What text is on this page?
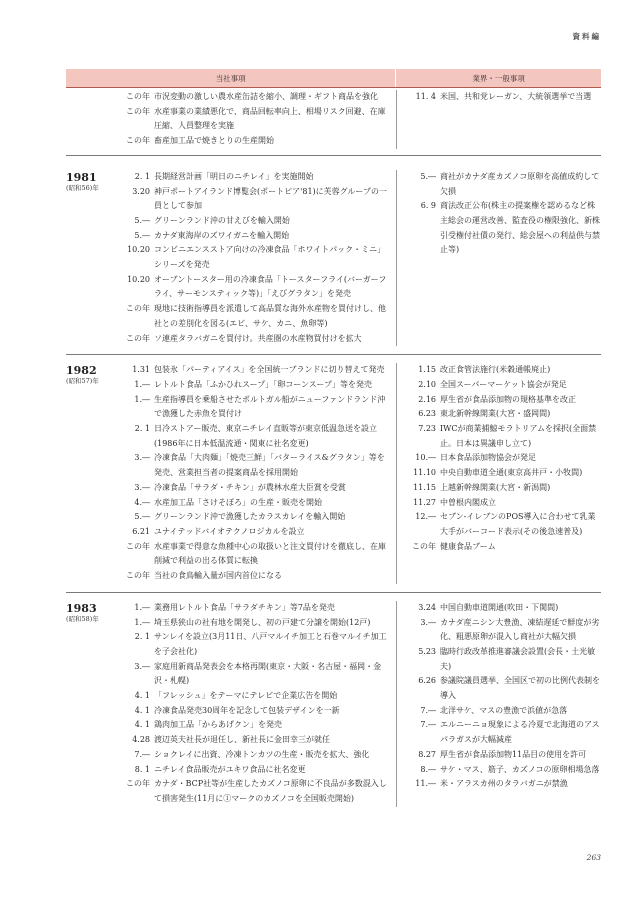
資料編
当社事項	業界・一般事項
この年 市況変動の激しい農水産缶詰を縮小、調理・ギフト商品を強化
この年 水産事業の業績悪化で、商品回転率向上、相場リスク回避、在庫圧縮、人員整理を実施
この年 畜産加工品で焼きとりの生産開始
11. 4 米国、共和党レーガン、大統領選挙で当選
1981
(昭和56)年
2. 1 長期経営計画「明日のニチレイ」を実施開始
3.20 神戸ポートアイランド博覧会(ポートピア'81)に芙蓉グループの一員として参加
5.― グリーンランド沖の甘えびを輸入開始
5.― カナダ東海岸のズワイガニを輸入開始
10.20 コンビニエンスストア向けの冷凍食品「ホワイトパック・ミニ」シリーズを発売
10.20 オーブントースター用の冷凍食品「トースターフライ(バーガーフライ、サーモンスティック等)」「えびグラタン」を発売
この年 現地に技術指導員を派遣して高品質な海外水産物を買付けし、他社との差別化を図る(エビ、サケ、カニ、魚卵等)
この年 ソ連産タラバガニを買付け。共産圏の水産物買付けを拡大
5.― 商社がカナダ産カズノコ原卵を高値成約して欠損
6. 9 商法改正公布(株主の提案権を認めるなど株主総会の運営改善、監査役の権限強化、新株引受権付社債の発行、総会屋への利益供与禁止等)
1982
(昭和57)年
1.31 包装氷「パーティアイス」を全国統一ブランドに切り替えて発売
1.― レトルト食品「ふかひれスープ」「卵コーンスープ」等を発売
1.― 生産指導員を乗船させたポルトガル船がニューファンドランド沖で漁獲した赤魚を買付け
2. 1 日冷ストアー販売、東京ニチレイ直販等が東京低温急送を設立(1986年に日本低温流通・関東に社名変更)
3.― 冷凍食品「大肉麺」「焼売三鮮」「バターライス&グラタン」等を発売、営業担当者の提案商品を採用開始
3.― 冷凍食品「サラダ・チキン」が農林水産大臣賞を受賞
4.― 水産加工品「さけそぼろ」の生産・販売を開始
5.― グリーンランド沖で漁獲したカラスカレイを輸入開始
6.21 ユナイテッドバイオテクノロジカルを設立
この年 水産事業で得意な魚種中心の取扱いと注文買付けを徹底し、在庫削減で利益の出る体質に転換
この年 当社の食鳥輸入量が国内首位になる
1.15 改正食管法施行(米穀通帳廃止)
2.10 全国スーパーマーケット協会が発足
2.16 厚生省が食品添加物の規格基準を改正
6.23 東北新幹線開業(大宮・盛岡間)
7.23 IWCが商業捕鯨モラトリアムを採択(全面禁止。日本は異議申し立て)
10.― 日本食品添加物協会が発足
11.10 中央自動車道全通(東京高井戸・小牧間)
11.15 上越新幹線開業(大宮・新潟間)
11.27 中曽根内閣成立
12.― セブン-イレブンのPOS導入に合わせて乳業大手がバーコード表示(その後急速普及)
この年 健康食品ブーム
1983
(昭和58)年
1.― 業務用レトルト食品「サラダチキン」等7品を発売
1.― 埼玉県狭山の社有地を開発し、初の戸建て分譲を開始(12戸)
2. 1 サンレイを設立(3月11日、八戸マルイチ加工と石巻マルイチ加工を子会社化)
3.― 家庭用新商品発表会を本格再開(東京・大阪・名古屋・福岡・金沢・札幌)
4. 1 「フレッシュ」をテーマにテレビで企業広告を開始
4. 1 冷凍食品発売30周年を記念して包装デザインを一新
4. 1 鶏肉加工品「からあげクン」を発売
4.28 渡辺英夫社長が退任し、新社長に金田幸三が就任
7.― ショクレイに出資、冷凍トンカツの生産・販売を拡大、強化
8. 1 ニチレイ食品販売がユキワ食品に社名変更
この年 カナダ・BCP社等が生産したカズノコ原卵に不良品が多数混入して損害発生(11月に①マークのカズノコを全国販売開始)
3.24 中国自動車道開通(吹田・下関間)
3.― カナダ産ニシン大豊漁、凍結遅延で鮮度が劣化、粗悪原卵が混入し商社が大幅欠損
5.23 臨時行政改革推進審議会設置(会長・土光敏夫)
6.26 参議院議員選挙、全国区で初の比例代表制を導入
7.― 北洋サケ、マスの豊漁で浜値が急落
7.― エルニーニョ現象による冷夏で北海道のアスパラガスが大幅減産
8.27 厚生省が食品添加物11品目の使用を許可
8.― サケ・マス、筋子、カズノコの原卵相場急落
11.― 米・アラスカ州のタラバガニが禁漁
263
